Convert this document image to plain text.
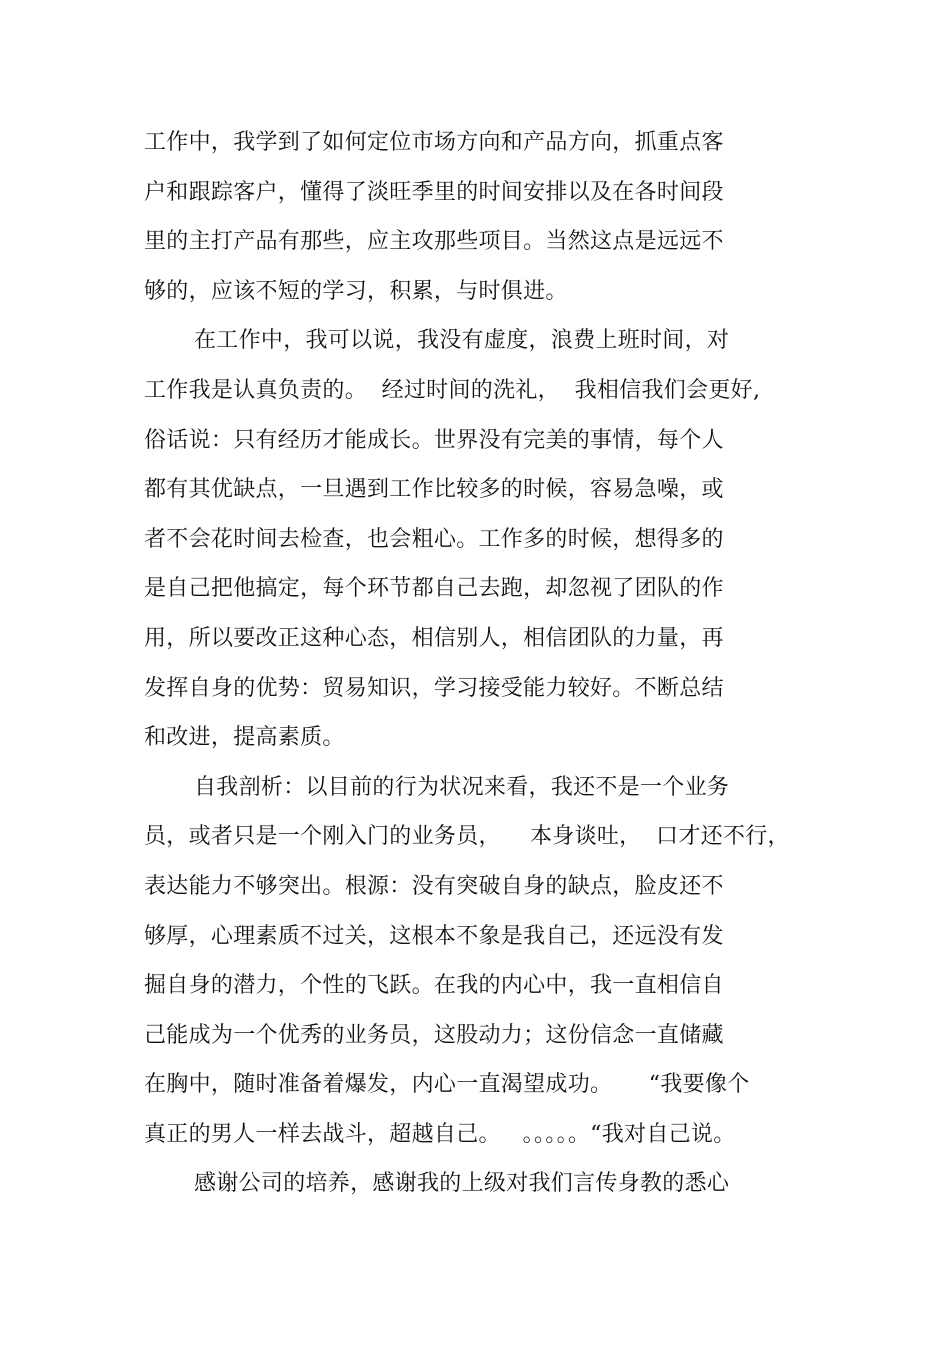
工作中，我学到了如何定位市场方向和产品方向，抓重点客
户和跟踪客户，懂得了淡旺季里的时间安排以及在各时间段
里的主打产品有那些，应主攻那些项目。当然这点是远远不
够的，应该不短的学习，积累，与时俱进。
在工作中，我可以说，我没有虚度，浪费上班时间，对
工作我是认真负责的。  经过时间的洗礼，  我相信我们会更好,
俗话说：只有经历才能成长。世界没有完美的事情，每个人
都有其优缺点，一旦遇到工作比较多的时候，容易急噪，或
者不会花时间去检查，也会粗心。工作多的时候，想得多的
是自己把他搞定，每个环节都自己去跑，却忽视了团队的作
用，所以要改正这种心态，相信别人，相信团队的力量，再
发挥自身的优势：贸易知识，学习接受能力较好。不断总结
和改进，提高素质。
自我剖析：以目前的行为状况来看，我还不是一个业务
员，或者只是一个刚入门的业务员，    本身谈吐，  口才还不行，
表达能力不够突出。根源：没有突破自身的缺点，脸皮还不
够厚，心理素质不过关，这根本不象是我自己，还远没有发
掘自身的潜力，个性的飞跃。在我的内心中，我一直相信自
己能成为一个优秀的业务员，这股动力；这份信念一直储藏
在胸中，随时准备着爆发，内心一直渴望成功。     “我要像个
真正的男人一样去战斗，超越自己。   。。。。。“我对自己说。
感谢公司的培养，感谢我的上级对我们言传身教的悉心
